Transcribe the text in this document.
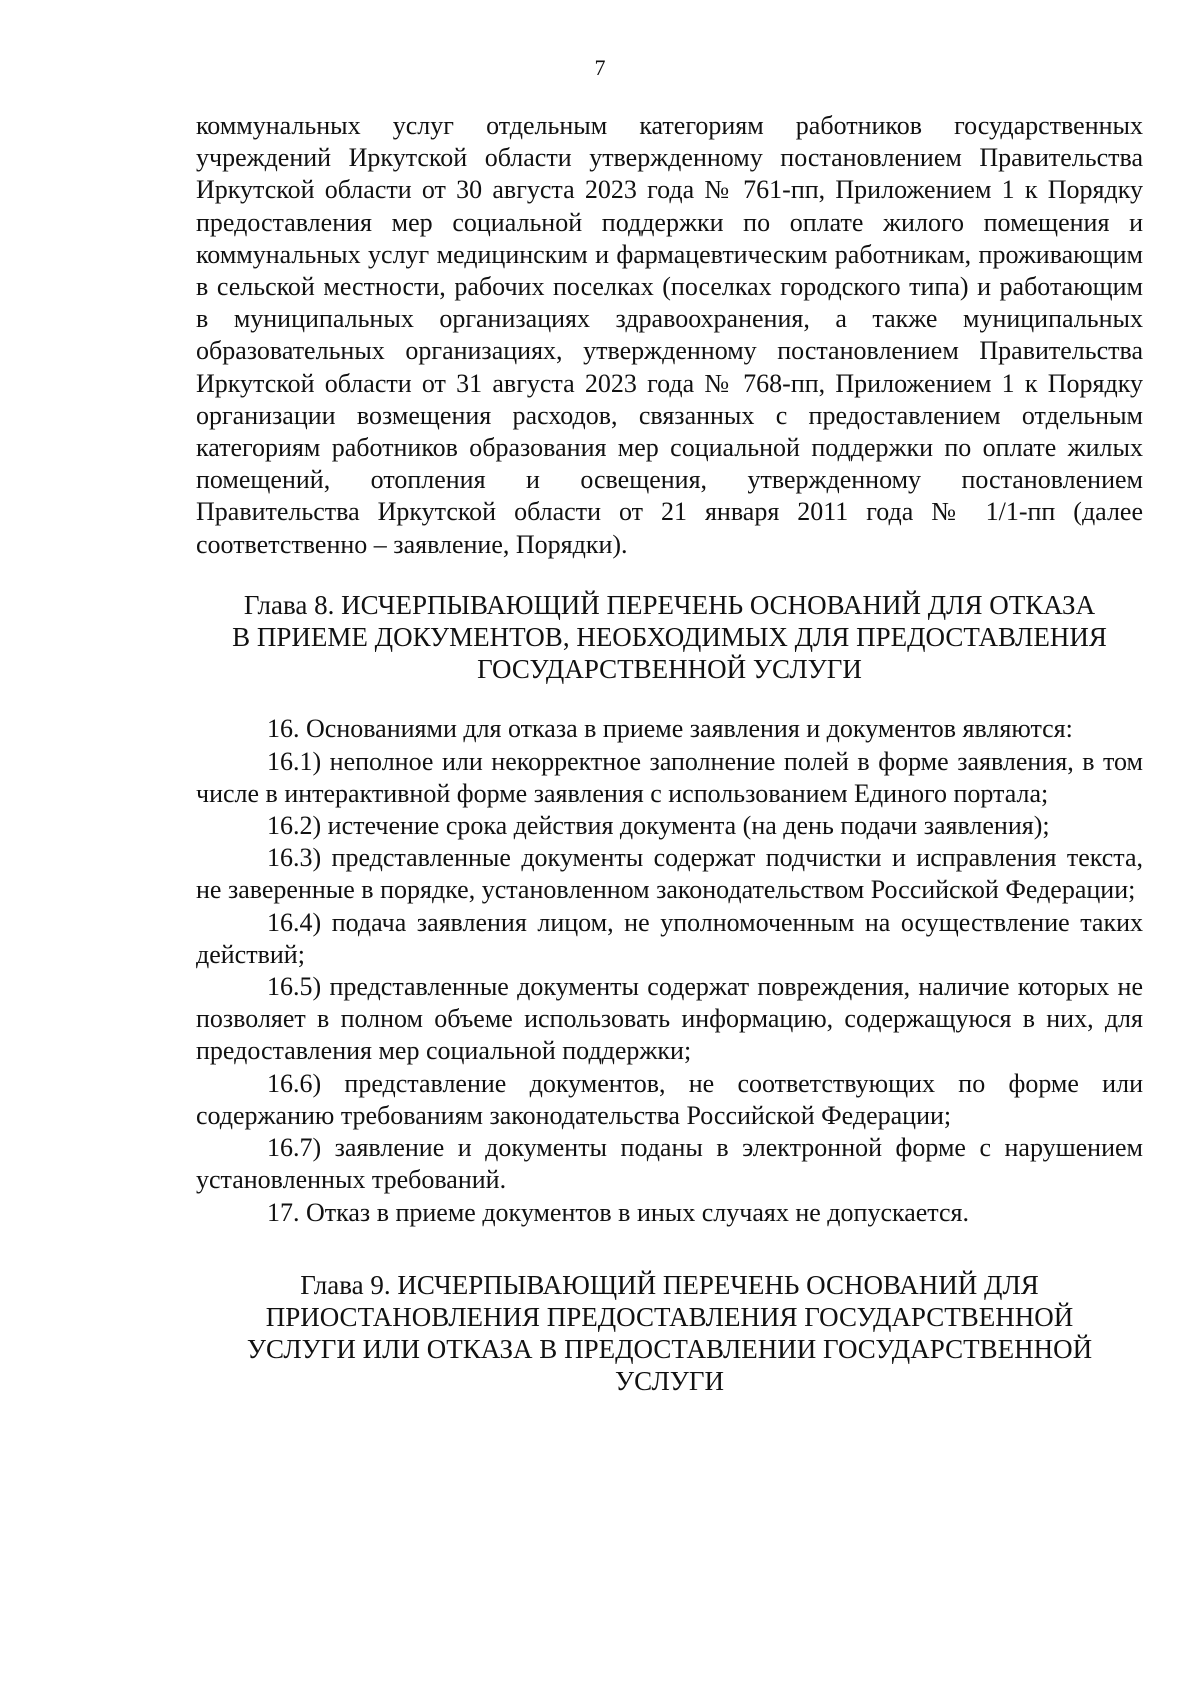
7

коммунальных услуг отдельным категориям работников государственных учреждений Иркутской области утвержденному постановлением Правительства Иркутской области от 30 августа 2023 года № 761-пп, Приложением 1 к Порядку предоставления мер социальной поддержки по оплате жилого помещения и коммунальных услуг медицинским и фармацевтическим работникам, проживающим в сельской местности, рабочих поселках (поселках городского типа) и работающим в муниципальных организациях здравоохранения, а также муниципальных образовательных организациях, утвержденному постановлением Правительства Иркутской области от 31 августа 2023 года № 768-пп, Приложением 1 к Порядку организации возмещения расходов, связанных с предоставлением отдельным категориям работников образования мер социальной поддержки по оплате жилых помещений, отопления и освещения, утвержденному постановлением Правительства Иркутской области от 21 января 2011 года № 1/1-пп (далее соответственно – заявление, Порядки).

Глава 8. ИСЧЕРПЫВАЮЩИЙ ПЕРЕЧЕНЬ ОСНОВАНИЙ ДЛЯ ОТКАЗА
В ПРИЕМЕ ДОКУМЕНТОВ, НЕОБХОДИМЫХ ДЛЯ ПРЕДОСТАВЛЕНИЯ
ГОСУДАРСТВЕННОЙ УСЛУГИ

16. Основаниями для отказа в приеме заявления и документов являются:

16.1) неполное или некорректное заполнение полей в форме заявления, в том числе в интерактивной форме заявления с использованием Единого портала;

16.2) истечение срока действия документа (на день подачи заявления);

16.3) представленные документы содержат подчистки и исправления текста, не заверенные в порядке, установленном законодательством Российской Федерации;

16.4) подача заявления лицом, не уполномоченным на осуществление таких действий;

16.5) представленные документы содержат повреждения, наличие которых не позволяет в полном объеме использовать информацию, содержащуюся в них, для предоставления мер социальной поддержки;

16.6) представление документов, не соответствующих по форме или содержанию требованиям законодательства Российской Федерации;

16.7) заявление и документы поданы в электронной форме с нарушением установленных требований.

17. Отказ в приеме документов в иных случаях не допускается.

Глава 9. ИСЧЕРПЫВАЮЩИЙ ПЕРЕЧЕНЬ ОСНОВАНИЙ ДЛЯ ПРИОСТАНОВЛЕНИЯ ПРЕДОСТАВЛЕНИЯ ГОСУДАРСТВЕННОЙ УСЛУГИ ИЛИ ОТКАЗА В ПРЕДОСТАВЛЕНИИ ГОСУДАРСТВЕННОЙ УСЛУГИ
